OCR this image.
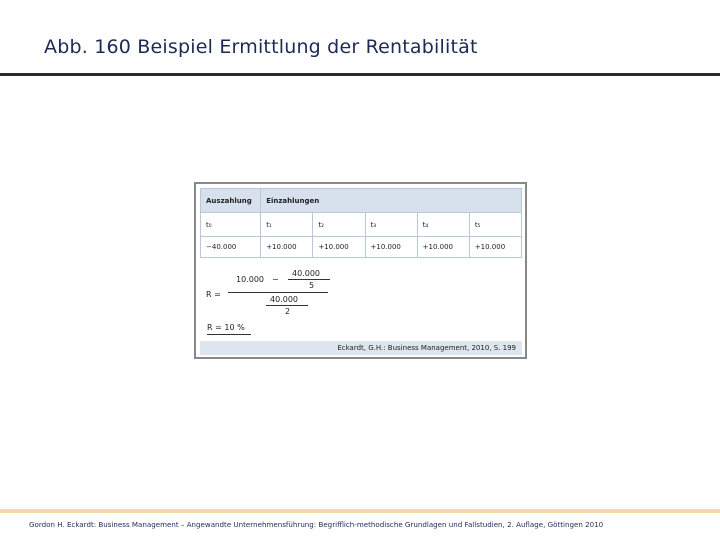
Abb. 160 Beispiel Ermittlung der Rentabilität
Auszahlung	Einzahlungen				
t₀	t₁	t₂	t₃	t₄	t₅
−40.000	+10.000	+10.000	+10.000	+10.000	+10.000
R =
10.000 −
40.000
5
40.000
2
R = 10 %
Eckardt, G.H.: Business Management, 2010, S. 199
Gordon H. Eckardt: Business Management – Angewandte Unternehmensführung: Begrifflich-methodische Grundlagen und Fallstudien, 2. Auflage, Göttingen 2010
